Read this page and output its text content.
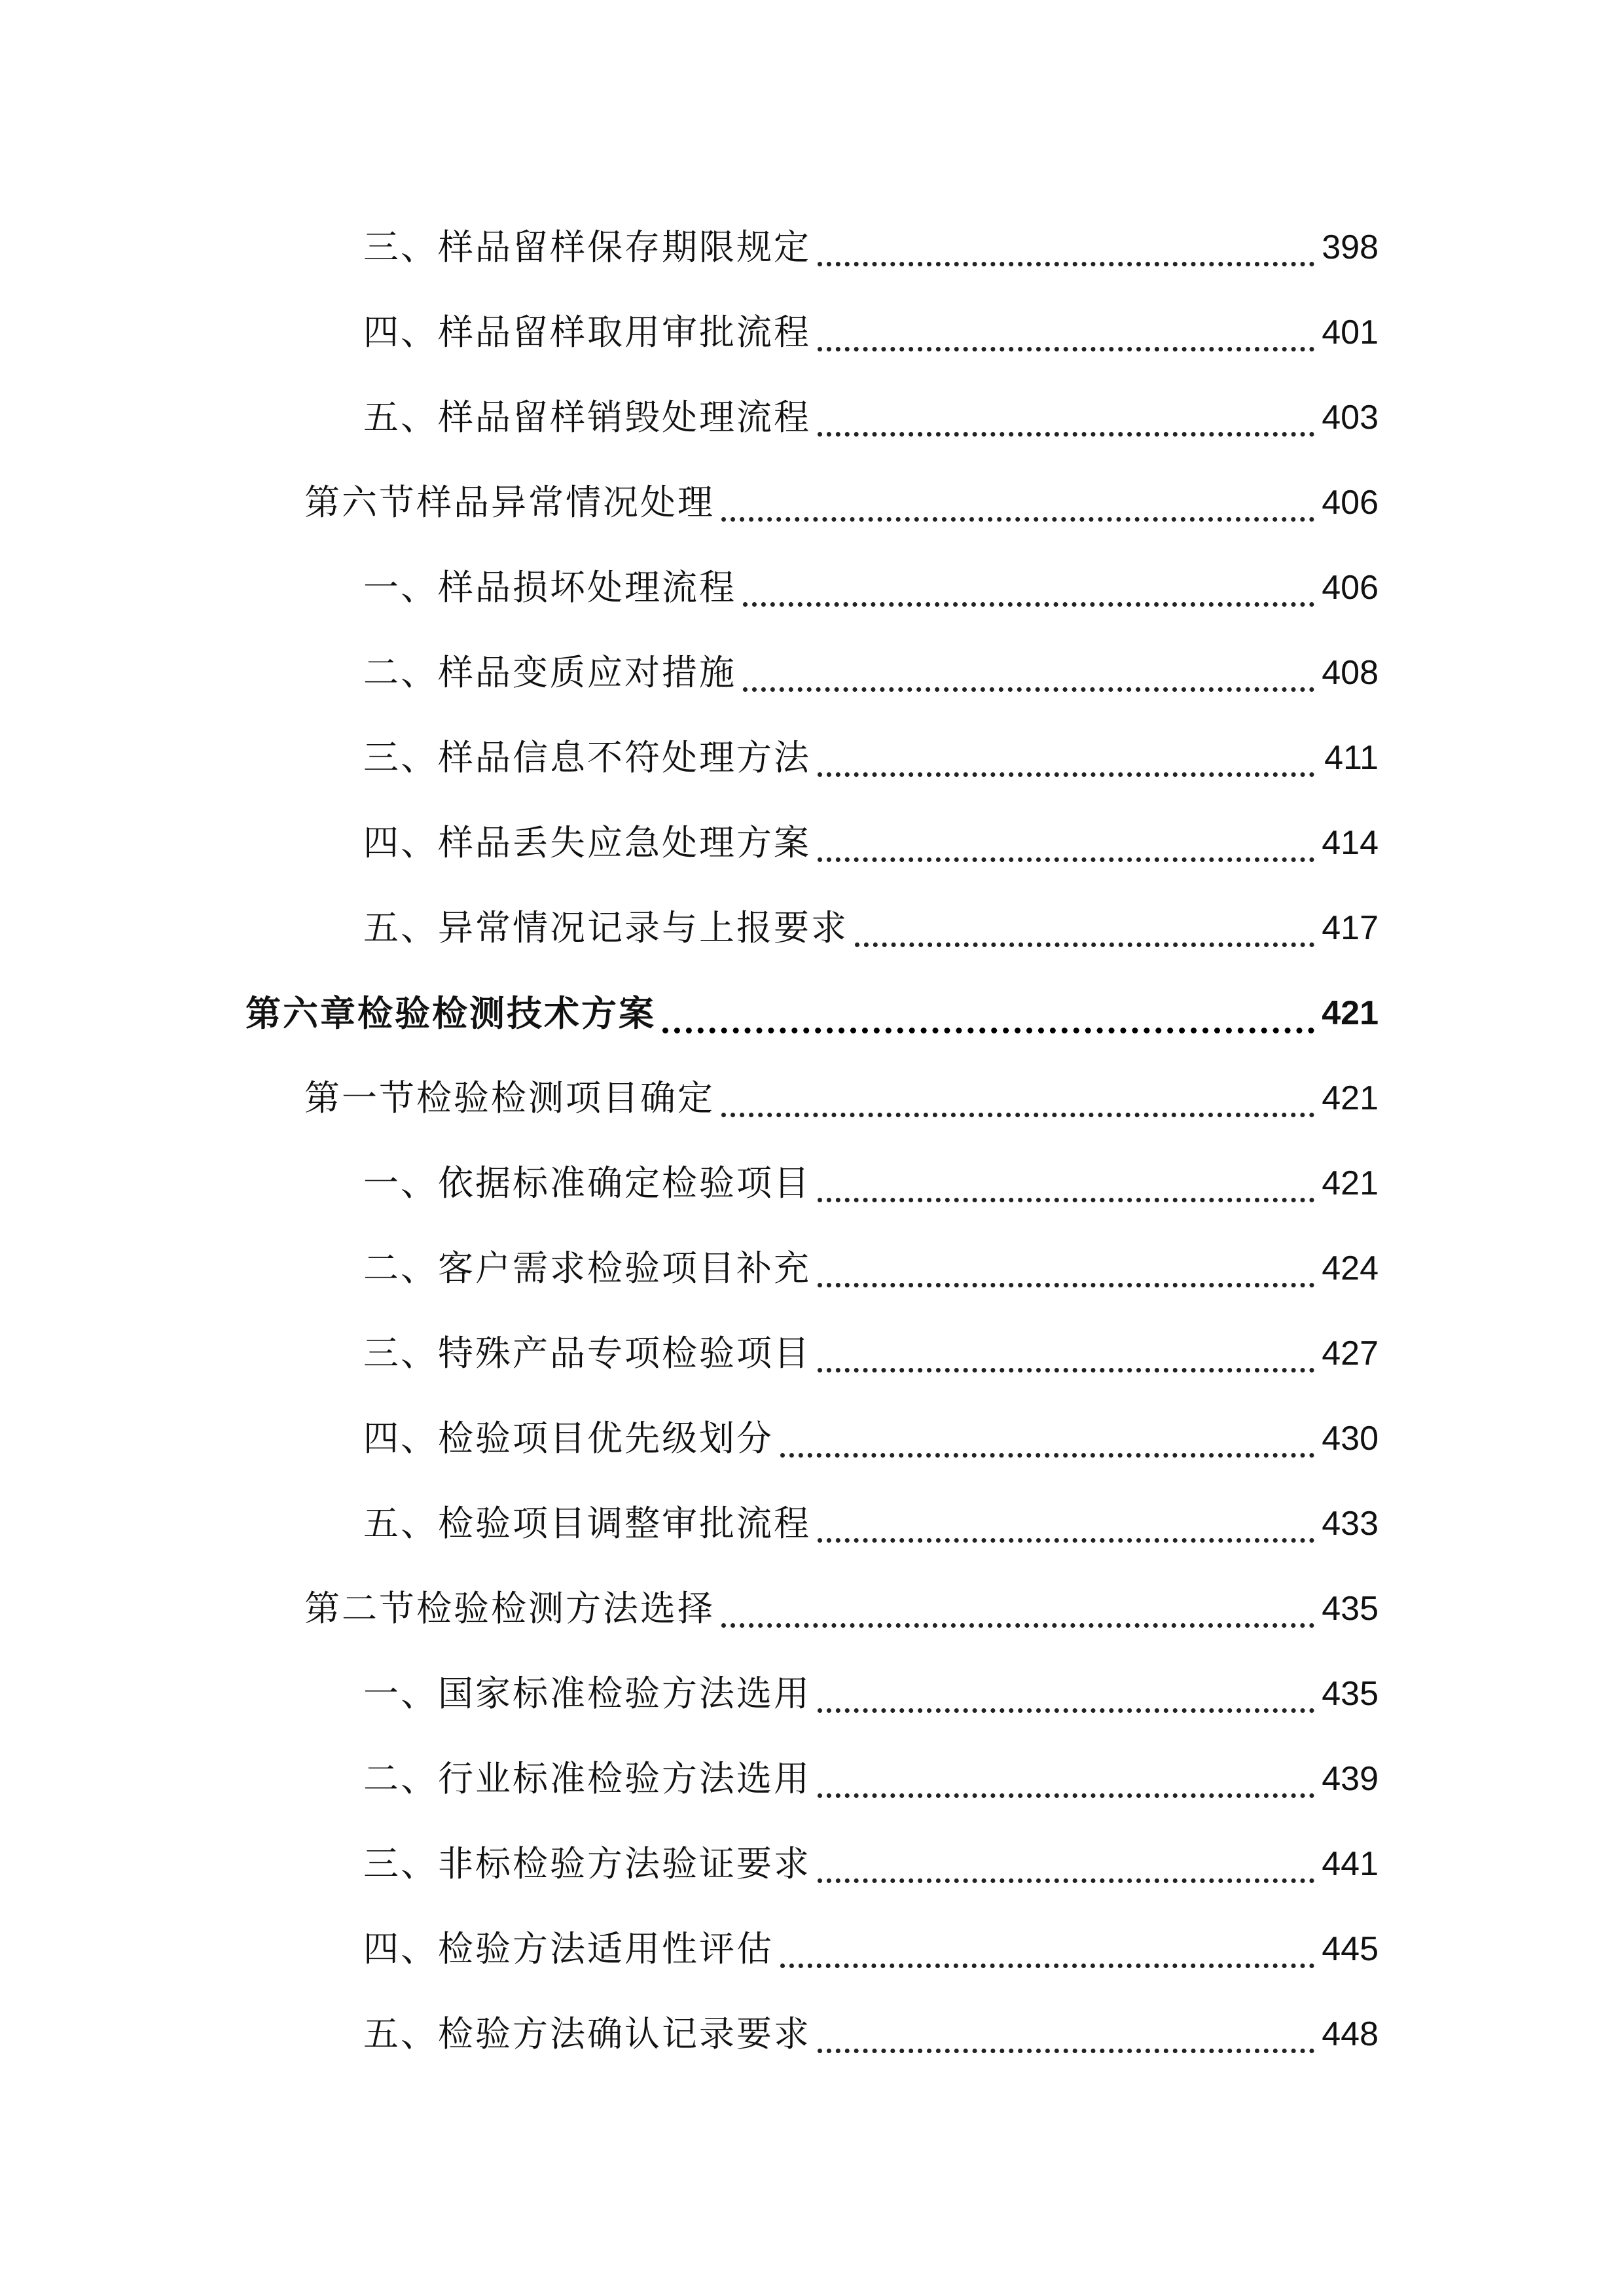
三、样品留样保存期限规定	398
四、样品留样取用审批流程	401
五、样品留样销毁处理流程	403
第六节样品异常情况处理	406
一、样品损坏处理流程	406
二、样品变质应对措施	408
三、样品信息不符处理方法	411
四、样品丢失应急处理方案	414
五、异常情况记录与上报要求	417
第六章检验检测技术方案	421
第一节检验检测项目确定	421
一、依据标准确定检验项目	421
二、客户需求检验项目补充	424
三、特殊产品专项检验项目	427
四、检验项目优先级划分	430
五、检验项目调整审批流程	433
第二节检验检测方法选择	435
一、国家标准检验方法选用	435
二、行业标准检验方法选用	439
三、非标检验方法验证要求	441
四、检验方法适用性评估	445
五、检验方法确认记录要求	448
